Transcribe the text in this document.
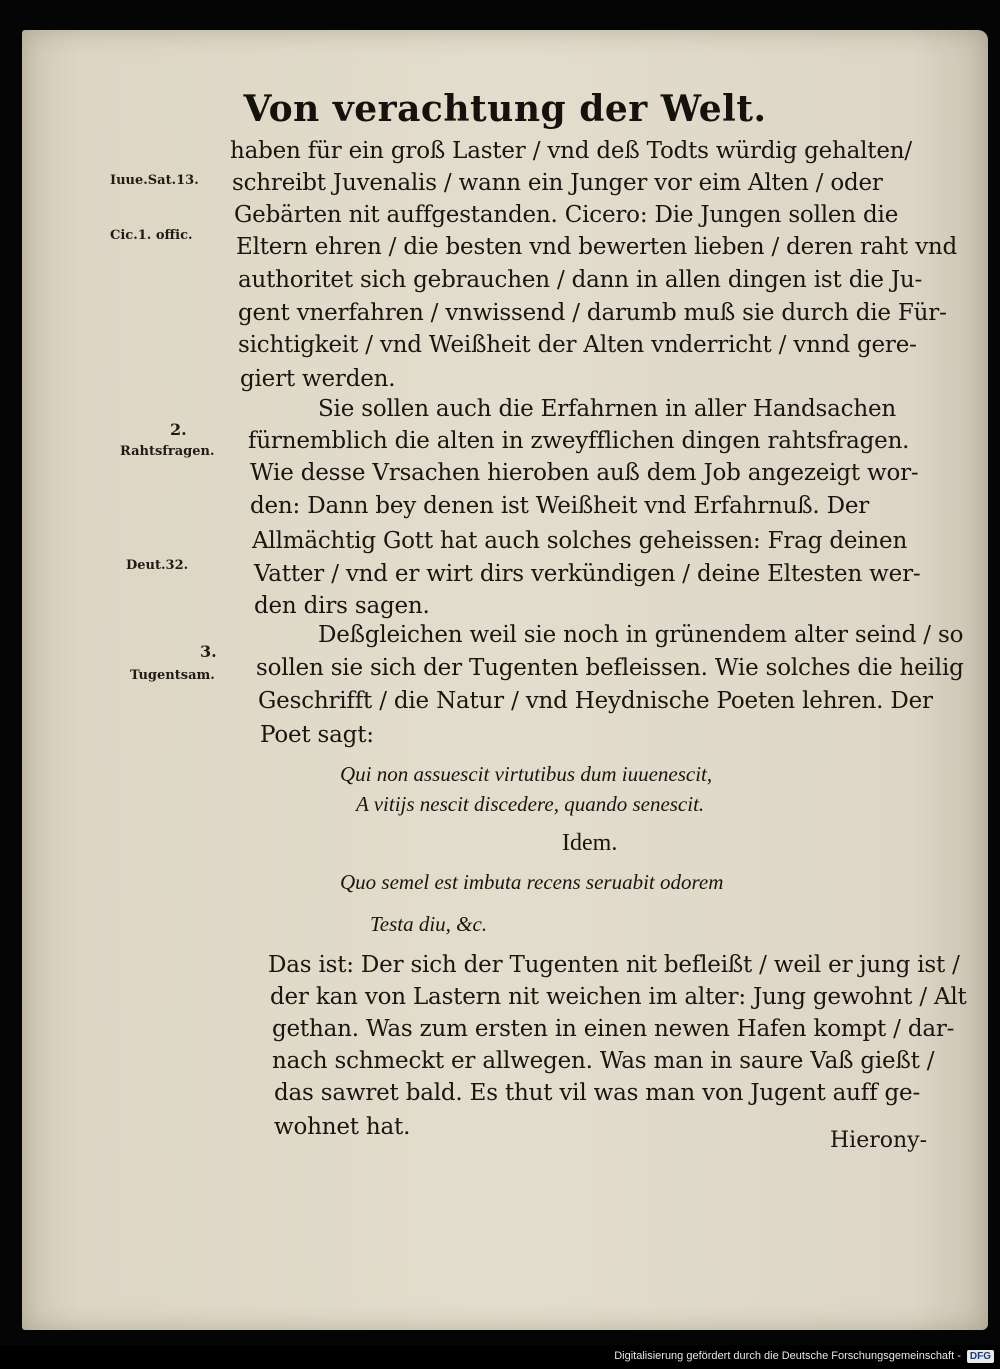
Von verachtung der Welt.
Iuue.Sat.13.
Cic.1. offic.
2.
Rahtsfragen.
Deut.32.
3.
Tugentsam.
haben für ein groß Laster / vnd deß Todts würdig gehalten/
schreibt Juvenalis / wann ein Junger vor eim Alten / oder
Gebärten nit auffgestanden. Cicero: Die Jungen sollen die
Eltern ehren / die besten vnd bewerten lieben / deren raht vnd
authoritet sich gebrauchen / dann in allen dingen ist die Ju-
gent vnerfahren / vnwissend / darumb muß sie durch die Für-
sichtigkeit / vnd Weißheit der Alten vnderricht / vnnd gere-
giert werden.
Sie sollen auch die Erfahrnen in aller Handsachen
fürnemblich die alten in zweyfflichen dingen rahtsfragen.
Wie desse Vrsachen hieroben auß dem Job angezeigt wor-
den: Dann bey denen ist Weißheit vnd Erfahrnuß. Der
Allmächtig Gott hat auch solches geheissen: Frag deinen
Vatter / vnd er wirt dirs verkündigen / deine Eltesten wer-
den dirs sagen.
Deßgleichen weil sie noch in grünendem alter seind / so
sollen sie sich der Tugenten befleissen. Wie solches die heilig
Geschrifft / die Natur / vnd Heydnische Poeten lehren. Der
Poet sagt:
Qui non assuescit virtutibus dum iuuenescit,
A vitijs nescit discedere, quando senescit.
Idem.
Quo semel est imbuta recens seruabit odorem
Testa diu, &c.
Das ist: Der sich der Tugenten nit befleißt / weil er jung ist /
der kan von Lastern nit weichen im alter: Jung gewohnt / Alt
gethan. Was zum ersten in einen newen Hafen kompt / dar-
nach schmeckt er allwegen. Was man in saure Vaß gießt /
das sawret bald. Es thut vil was man von Jugent auff ge-
wohnet hat.
Hierony-
Digitalisierung gefördert durch die Deutsche Forschungsgemeinschaft - DFG
